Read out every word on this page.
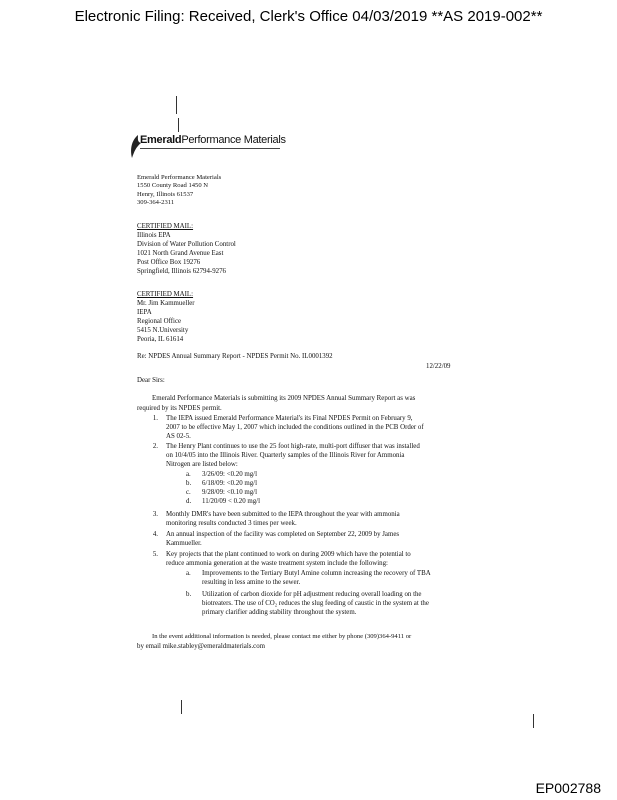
Electronic Filing: Received, Clerk's Office 04/03/2019 **AS 2019-002**
EmeraldPerformance Materials
Emerald Performance Materials
1550 County Road 1450 N
Henry, Illinois 61537
309-364-2311
CERTIFIED MAIL:
Illinois EPA
Division of Water Pollution Control
1021 North Grand Avenue East
Post Office Box 19276
Springfield, Illinois 62794-9276
CERTIFIED MAIL:
Mr. Jim Kammueller
IEPA
Regional Office
5415 N.University
Peoria, IL 61614
Re: NPDES Annual Summary Report - NPDES Permit No. IL0001392
12/22/09
Dear Sirs:
Emerald Performance Materials is submitting its 2009 NPDES Annual Summary Report as was
required by its NPDES permit.
1. The IEPA issued Emerald Performance Material's its Final NPDES Permit on February 9,
2007 to be effective May 1, 2007 which included the conditions outlined in the PCB Order of
AS 02-5.
2. The Henry Plant continues to use the 25 foot high-rate, multi-port diffuser that was installed
on 10/4/05 into the Illinois River. Quarterly samples of the Illinois River for Ammonia
Nitrogen are listed below:
a. 3/26/09: <0.20 mg/l
b. 6/18/09: <0.20 mg/l
c. 9/28/09: <0.10 mg/l
d. 11/20/09 < 0.20 mg/l
3. Monthly DMR's have been submitted to the IEPA throughout the year with ammonia
monitoring results conducted 3 times per week.
4. An annual inspection of the facility was completed on September 22, 2009 by James
Kammueller.
5. Key projects that the plant continued to work on during 2009 which have the potential to
reduce ammonia generation at the waste treatment system include the following:
a. Improvements to the Tertiary Butyl Amine column increasing the recovery of TBA
resulting in less amine to the sewer.
b. Utilization of carbon dioxide for pH adjustment reducing overall loading on the
biotreaters. The use of CO₂ reduces the slug feeding of caustic in the system at the
primary clarifier adding stability throughout the system.
In the event additional information is needed, please contact me either by phone (309)364-9411 or
by email mike.stabley@emeraldmaterials.com
EP002788
